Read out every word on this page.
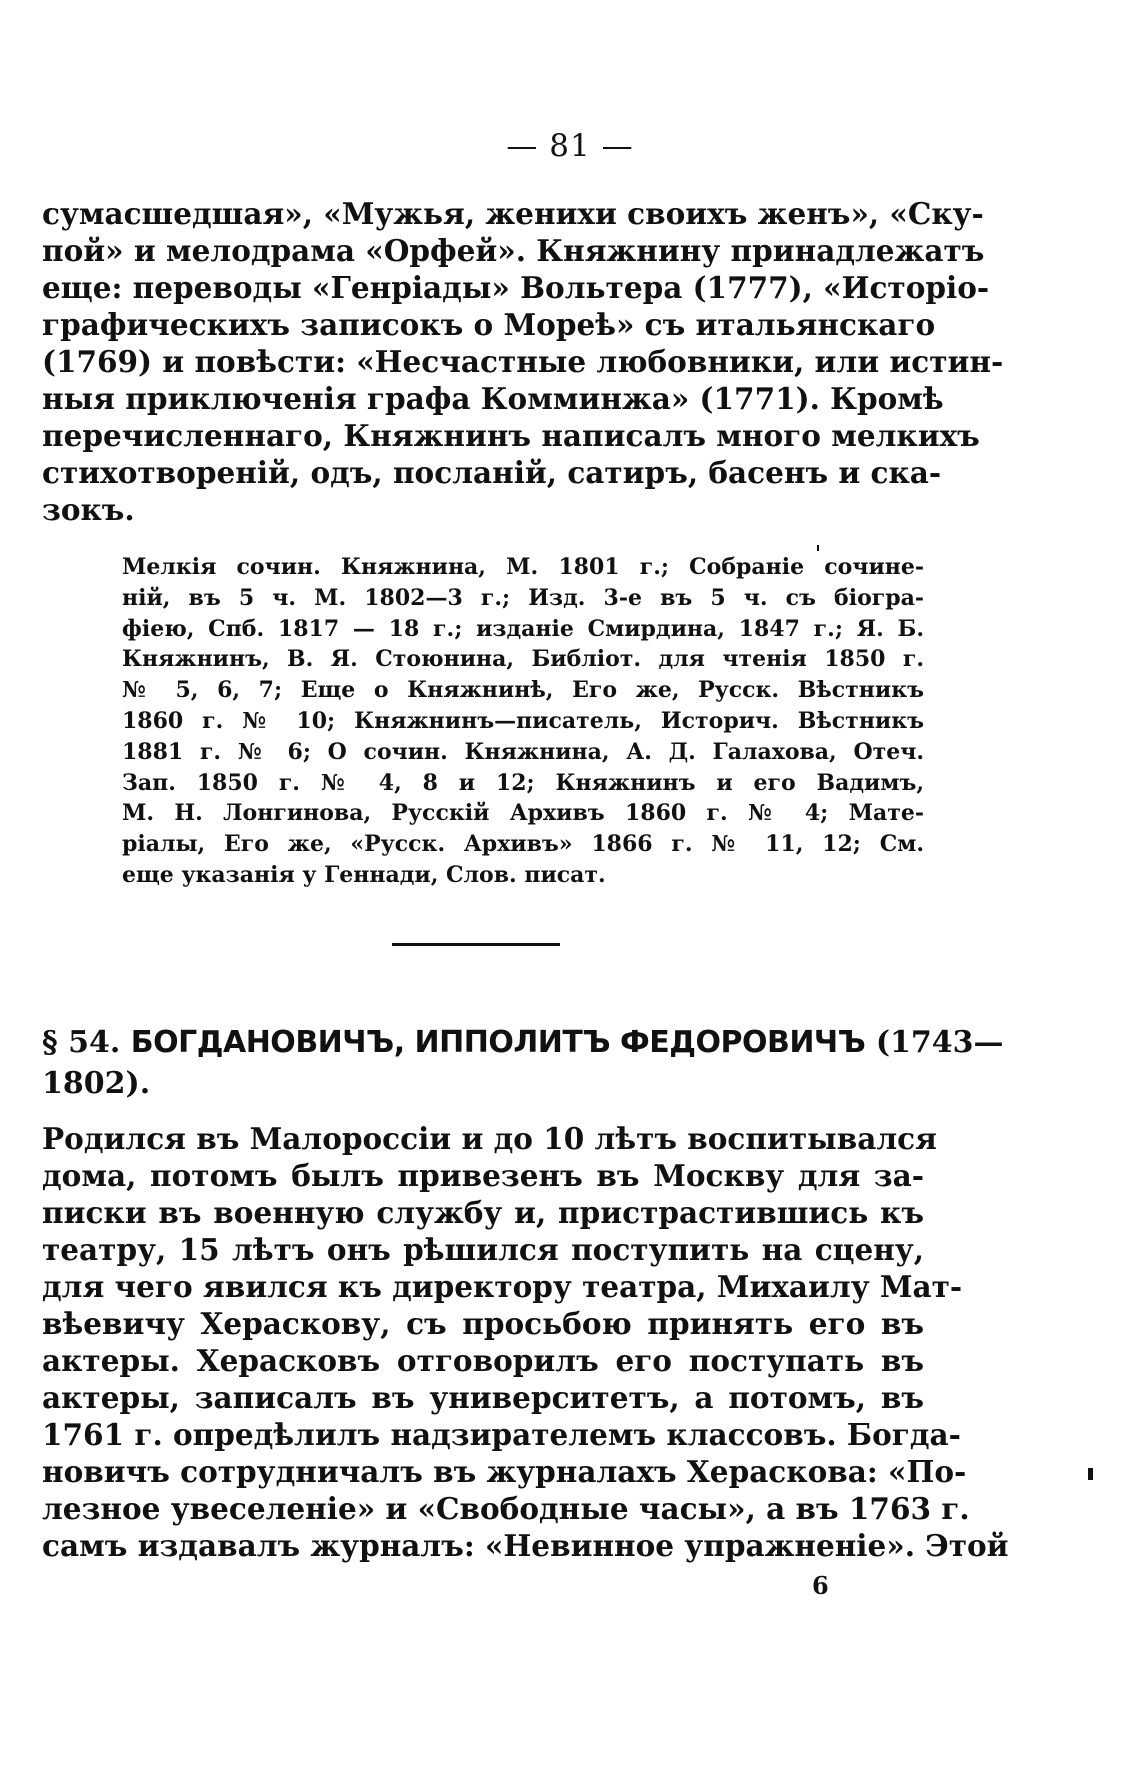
— 81 —
сумасшедшая», «Мужья, женихи своихъ женъ», «Ску-
пой» и мелодрама «Орфей». Княжнину принадлежатъ
еще: переводы «Генріады» Вольтера (1777), «Исторіо-
графическихъ записокъ о Мореѣ» съ итальянскаго
(1769) и повѣсти: «Несчастные любовники, или истин-
ныя приключенія графа Комминжа» (1771). Кромѣ
перечисленнаго, Княжнинъ написалъ много мелкихъ
стихотвореній, одъ, посланій, сатиръ, басенъ и ска-
зокъ.
Мелкія сочин. Княжнина, М. 1801 г.; Собраніе сочине-
ній, въ 5 ч. М. 1802—3 г.; Изд. 3-е въ 5 ч. съ біогра-
фіею, Спб. 1817 — 18 г.; изданіе Смирдина, 1847 г.; Я. Б.
Княжнинъ, В. Я. Стоюнина, Библіот. для чтенія 1850 г.
№ 5, 6, 7; Еще о Княжнинѣ, Его же, Русск. Вѣстникъ
1860 г. № 10; Княжнинъ—писатель, Историч. Вѣстникъ
1881 г. № 6; О сочин. Княжнина, А. Д. Галахова, Отеч.
Зап. 1850 г. № 4, 8 и 12; Княжнинъ и его Вадимъ,
М. Н. Лонгинова, Русскій Архивъ 1860 г. № 4; Мате-
ріалы, Его же, «Русск. Архивъ» 1866 г. № 11, 12; См.
еще указанія у Геннади, Слов. писат.
§ 54. БОГДАНОВИЧЪ, ИППОЛИТЪ ФЕДОРОВИЧЪ (1743—
1802).
Родился въ Малороссіи и до 10 лѣтъ воспитывался
дома, потомъ былъ привезенъ въ Москву для за-
писки въ военную службу и, пристрастившись къ
театру, 15 лѣтъ онъ рѣшился поступить на сцену,
для чего явился къ директору театра, Михаилу Мат-
вѣевичу Хераскову, съ просьбою принять его въ
актеры. Херасковъ отговорилъ его поступать въ
актеры, записалъ въ университетъ, а потомъ, въ
1761 г. опредѣлилъ надзирателемъ классовъ. Богда-
новичъ сотрудничалъ въ журналахъ Хераскова: «По-
лезное увеселеніе» и «Свободные часы», а въ 1763 г.
самъ издавалъ журналъ: «Невинное упражненіе». Этой
6
